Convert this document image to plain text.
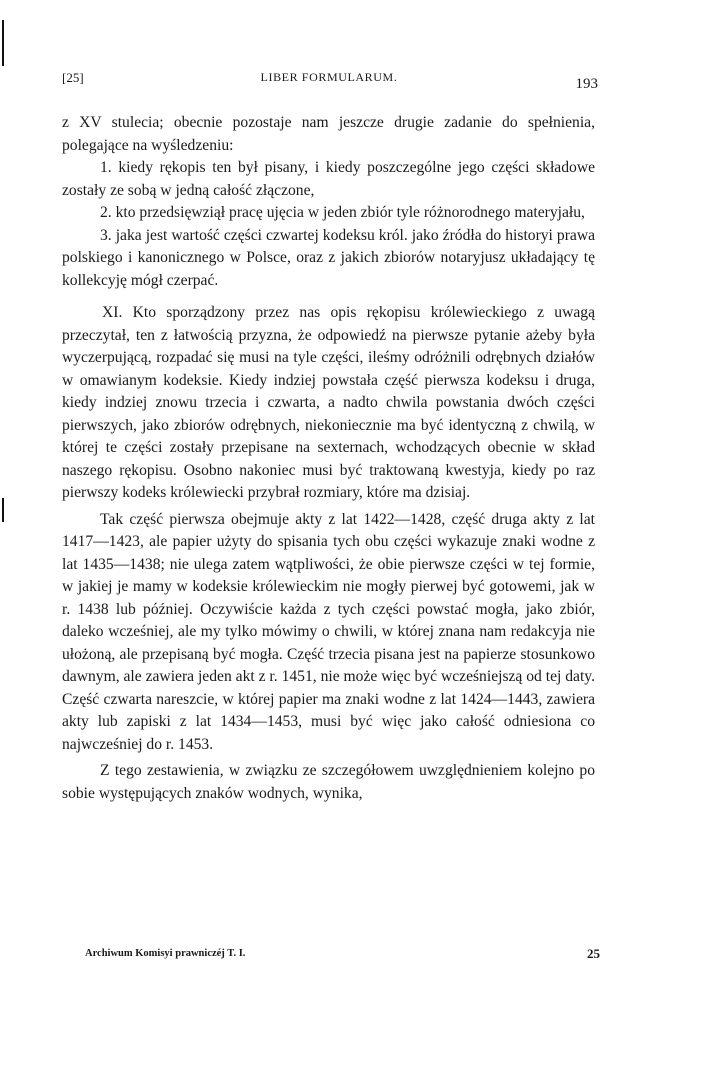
[25]	LIBER FORMULARUM.	193

z XV stulecia; obecnie pozostaje nam jeszcze drugie zadanie do spełnienia, polegające na wyśledzeniu:

1. kiedy rękopis ten był pisany, i kiedy poszczególne jego części składowe zostały ze sobą w jedną całość złączone,

2. kto przedsięwziął pracę ujęcia w jeden zbiór tyle różnorodnego materyjału,

3. jaka jest wartość części czwartej kodeksu król. jako źródła do historyi prawa polskiego i kanonicznego w Polsce, oraz z jakich zbiorów notaryjusz układający tę kollekcyję mógł czerpać.

XI. Kto sporządzony przez nas opis rękopisu królewieckiego z uwagą przeczytał, ten z łatwością przyzna, że odpowiedź na pierwsze pytanie ażeby była wyczerpującą, rozpadać się musi na tyle części, ileśmy odróżnili odrębnych działów w omawianym kodeksie. Kiedy indziej powstała część pierwsza kodeksu i druga, kiedy indziej znowu trzecia i czwarta, a nadto chwila powstania dwóch części pierwszych, jako zbiorów odrębnych, niekoniecznie ma być identyczną z chwilą, w której te części zostały przepisane na sexternach, wchodzących obecnie w skład naszego rękopisu. Osobno nakoniec musi być traktowaną kwestyja, kiedy po raz pierwszy kodeks królewiecki przybrał rozmiary, które ma dzisiaj.

Tak część pierwsza obejmuje akty z lat 1422—1428, część druga akty z lat 1417—1423, ale papier użyty do spisania tych obu części wykazuje znaki wodne z lat 1435—1438; nie ulega zatem wątpliwości, że obie pierwsze części w tej formie, w jakiej je mamy w kodeksie królewieckim nie mogły pierwej być gotowemi, jak w r. 1438 lub później. Oczywiście każda z tych części powstać mogła, jako zbiór, daleko wcześniej, ale my tylko mówimy o chwili, w której znana nam redakcyja nie ułożoną, ale przepisaną być mogła. Część trzecia pisana jest na papierze stosunkowo dawnym, ale zawiera jeden akt z r. 1451, nie może więc być wcześniejszą od tej daty. Część czwarta nareszcie, w której papier ma znaki wodne z lat 1424—1443, zawiera akty lub zapiski z lat 1434—1453, musi być więc jako całość odniesiona co najwcześniej do r. 1453.

Z tego zestawienia, w związku ze szczegółowem uwzględnieniem kolejno po sobie występujących znaków wodnych, wynika,

Archiwum Komisyi prawniczéj T. I.	25
